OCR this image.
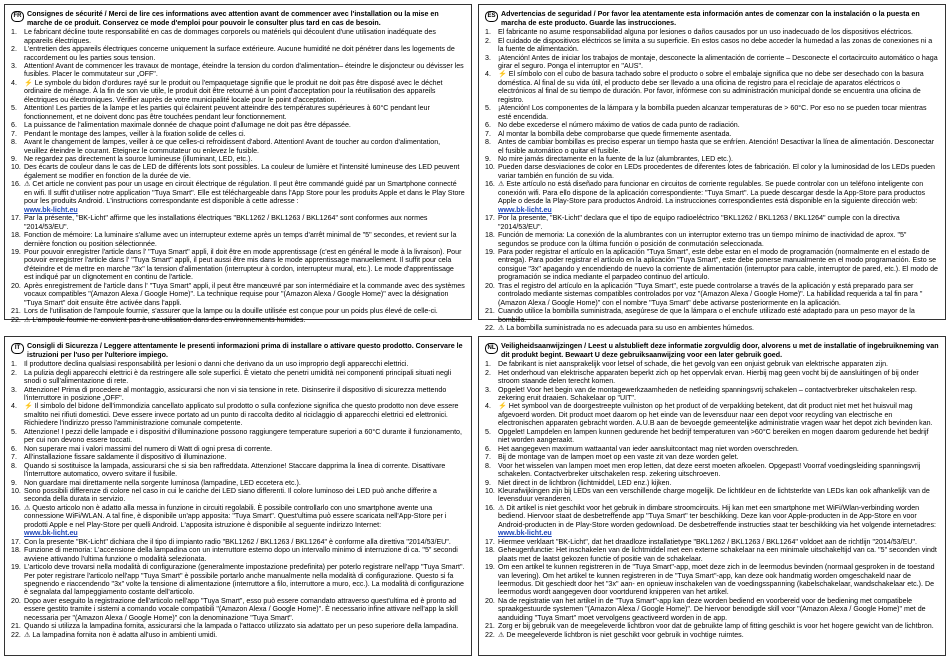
FR Consignes de sécurité / Merci de lire ces informations avec attention avant de commencer avec l'installation ou la mise en marche de ce produit. Conservez ce mode d'emploi pour pouvoir le consulter plus tard en cas de besoin.
1. Le fabricant décline toute responsabilité en cas de dommages corporels ou matériels qui découlent d'une utilisation inadéquate des appareils électriques.
2. L'entretien des appareils électriques concerne uniquement la surface extérieure. Aucune humidité ne doit pénétrer dans les logements de raccordement ou les parties sous tension.
3. Attention! Avant de commencer les travaux de montage, éteindre la tension du cordon d'alimentation– éteindre le disjoncteur ou dévisser les fusibles. Placer le commutateur sur „OFF".
4. ⚡ Le symbole du bidon d'ordures rayé sur le produit ou l'empaquetage signifie que le produit ne doit pas être disposé avec le déchet ordinaire de ménage. À la fin de son vie utile, le produit doit être retourné à un point d'acceptation pour la réutilisation des appareils électriques ou électroniques. Vérifier auprès de votre municipalité locale pour le point d'acceptation.
5. Attention! Les parties de la lampe et les parties qui éclairent peuvent atteindre des températures supérieures à 60°C pendant leur fonctionnement, et ne doivent donc pas être touchées pendant leur fonctionnement.
6. La puissance de l'alimentation maximale donnée de chaque point d'allumage ne doit pas être dépassée.
7. Pendant le montage des lampes, veiller à la fixation solide de celles ci.
8. Avant le changement de lampes, veiller à ce que celles-ci refroidissent d'abord. Attention! Avant de toucher au cordon d'alimentation, veuillez éteindre le courant. Eteignez le commutateur ou enlevez le fusible.
9. Ne regardez pas directement la source lumineuse (illuminant, LED, etc.).
10. Des écarts de couleur dans le cas de LED de différents lots sont possibles. La couleur de lumière et l'intensité lumineuse des LED peuvent également se modifier en fonction de la durée de vie.
16. ⚠ Cet article ne convient pas pour un usage en circuit électrique de régulation. Il peut être commandé guidé par un Smartphone connecté en wifi. Il suffit d'utiliser notre application "Tuya Smart". Elle est téléchargeable dans l'App Store pour les produits Apple et dans le Play Store pour les produits Android. L'instructions correspondante est disponible à cette adresse :
www.bk-licht.eu
17. Par la présente, "BK-Licht" affirme que les installations électriques "BKL1262 / BKL1263 / BKL1264" sont conformes aux normes "2014/53/EU".
18. Fonction de mémoire: La luminaire s'allume avec un interrupteur externe après un temps d'arrêt minimal de "5" secondes, et revient sur la dernière fonction ou position sélectionnée.
19. Pour pouvoir enregistrer l'article dans l' "Tuya Smart" appli, il doit être en mode apprentissage (c'est en général le mode à la livraison). Pour pouvoir enregistrer l'article dans l' "Tuya Smart" appli, il peut aussi être mis dans le mode apprentissage manuellement. Il suffit pour cela d'éteindre et de mettre en marche "3x" la tension d'alimentation (interrupteur à cordon, interrupteur mural, etc.). Le mode d'apprentissage est indiqué par un clignotement en continu de l'article.
20. Après enregistrement de l'article dans l' "Tuya Smart" appli, il peut être manœuvré par son intermédiaire et la commande avec des systèmes vocaux compatibles "(Amazon Alexa / Google Home)". La technique requise pour "(Amazon Alexa / Google Home)" avec la désignation "Tuya Smart" doit ensuite être activée dans l'appli.
21. Lors de l'utilisation de l'ampoule fournie, s'assurer que la lampe ou la douille utilisée est conçue pour un poids plus élevé de celle-ci.
22. ⚠ L'ampoule fournie ne convient pas à une utilisation dans des environnements humides.
ES Advertencias de seguridad / Por favor lea atentamente esta información antes de comenzar con la instalación o la puesta en marcha de este producto. Guarde las instrucciones.
1. El fabricante no asume responsabilidad alguna por lesiones o daños causados por un uso inadecuado de los dispositivos eléctricos.
2. El cuidado de dispositivos eléctricos se limita a su superficie. En estos casos no debe acceder la humedad a las zonas de conexiones ni a la fuente de alimentación.
3. ¡Atención! Antes de iniciar los trabajos de montaje, desconecte la alimentación de corriente – Desconecte el cortacircuito automático o haga girar el seguro. Ponga el interruptor en "AUS".
4. ⚡ El símbolo con el cubo de basura tachado sobre el producto o sobre el embalaje significa que no debe ser desechado con la basura doméstica. Al final de su vida útil, el producto debe ser llevado a una oficina de registro para el reciclaje de aparatos eléctricos o electrónicos al final de su tiempo de duración. Por favor, infórmese con su administración municipal donde se encuentra una oficina de registro.
5. ¡Atención! Los componentes de la lámpara y la bombilla pueden alcanzar temperaturas de > 60°C. Por eso no se pueden tocar mientras esté encendida.
6. No debe excederse el número máximo de vatios de cada punto de radiación.
7. Al montar la bombilla debe comprobarse que quede firmemente asentada.
8. Antes de cambiar bombillas es preciso esperar un tiempo hasta que se enfríen. Atención! Desactivar la línea de alimentación. Desconectar el fusible automático o quitar el fusible.
9. No mire jamás directamente en la fuente de la luz (alumbrantes, LED etc.).
10. Pueden darse desviaciones de color en LEDs procedentes de diferentes lotes de fabricación. El color y la luminosidad de los LEDs pueden variar también en función de su vida.
16. ⚠ Este artículo no está diseñado para funcionar en circuitos de corriente regulables. Se puede controlar con un teléfono inteligente con conexión wifi. Para ello dispone de la aplicación correspondiente: "Tuya Smart". La puede descargar desde la App-Store para productos Apple o desde la Play-Store para productos Android. La instrucciones correspondientes está disponible en la siguiente dirección web:
www.bk-licht.eu
17. Por la presente, "BK-Licht" declara que el tipo de equipo radioeléctrico "BKL1262 / BKL1263 / BKL1264" cumple con la directiva "2014/53/EU".
18. Función de memoria: La conexión de la alumbrantes con un interruptor externo tras un tiempo mínimo de inactividad de aprox. "5" segundos se produce con la última función o posición de conmutación seleccionada.
19. Para poder registrar el artículo en la aplicación "Tuya Smart", este debe estar en el modo de programación (normalmente en el estado de entrega). Para poder registrar el artículo en la aplicación "Tuya Smart", este debe ponerse manualmente en el modo programación. Esto se consigue "3x" apagando y encendiendo de nuevo la corriente de alimentación (interruptor para cable, interruptor de pared, etc.). El modo de programación se indica mediante el parpadeo continuo del artículo.
20. Tras el registro del artículo en la aplicación "Tuya Smart", este puede controlarse a través de la aplicación y está preparado para ser controlado mediante sistemas compatibles controlados por voz "(Amazon Alexa / Google Home)". La habilidad requerida a tal fin para "(Amazon Alexa / Google Home)" con el nombre "Tuya Smart" debe activarse posteriormente en la aplicación.
21. Cuando utilice la bombilla suministrada, asegúrese de que la lámpara o el enchufe utilizado esté adaptado para un peso mayor de la bombilla.
22. ⚠ La bombilla suministrada no es adecuada para su uso en ambientes húmedos.
IT Consigli di Sicurezza / Leggere attentamente le presenti informazioni prima di installare o attivare questo prodotto. Conservare le istruzioni per l'uso per l'ulteriore impiego.
1. Il produttore declina qualsiasi responsabilità per lesioni o danni che derivano da un uso improprio degli apparecchi elettrici.
2. La pulizia degli apparecchi elettrici è da restringere alle sole superfici. È vietato che penetri umidità nei componenti principali situati negli snodi o sull'alimentazione di rete.
3. Attenzione! Prima di procedere al montaggio, assicurarsi che non vi sia tensione in rete. Disinserire il dispositivo di sicurezza mettendo l'interruttore in posizione „OFF".
4. ⚡ Il simbolo del bidone dell'immondizia cancellato applicato sul prodotto o sulla confezione significa che questo prodotto non deve essere smaltito nei rifiuti domestici. Deve essere invece portato ad un punto di raccolta dedito al riciclaggio di apparecchi elettrici ed elettronici. Richiedere l'indirizzo presso l'amministrazione comunale competente.
5. Attenzione! I pezzi delle lampade e i dispositivi d'illuminazione possono raggiungere temperature superiori a 60°C durante il funzionamento, per cui non devono essere toccati.
6. Non superare mai i valori massimi del numero di Watt di ogni presa di corrente.
7. All'installazione fissare saldamente il dispositivo di illuminazione.
8. Quando si sostituisce la lampada, assicurarsi che si sia ben raffreddata. Attenzione! Staccare dapprima la linea di corrente. Disattivare l'interruttore automatico, ovvero svitare il fusibile.
9. Non guardare mai direttamente nella sorgente luminosa (lampadine, LED eccetera etc.).
10. Sono possibili differenze di colore nel caso in cui le cariche dei LED siano differenti. Il colore luminoso dei LED può anche differire a seconda della durata in servizio.
16. ⚠ Questo articolo non è adatto alla messa in funzione in circuiti regolabili. È possibile controllarlo con uno smartphone avente una connessione WiFi/WLAN. A tal fine, è disponibile un'app apposita: "Tuya Smart". Quest'ultima può essere scaricata nell'App-Store per i prodotti Apple e nel Play-Store per quelli Android. L'apposita istruzione è disponibile al seguente indirizzo Internet:
www.bk-licht.eu
17. Con la presente "BK-Licht" dichiara che il tipo di impianto radio "BKL1262 / BKL1263 / BKL1264" è conforme alla direttiva "2014/53/EU".
18. Funzione di memoria: L'accensione della lampadina con un interruttore esterno dopo un intervallo minimo di interruzione di ca. "5" secondi avviene attivando l'ultima funzione o modalità selezionata.
19. L'articolo deve trovarsi nella modalità di configurazione (generalmente impostazione predefinita) per poterlo registrare nell'app "Tuya Smart". Per poter registrare l'articolo nell'app "Tuya Smart" è possibile portarlo anche manualmente nella modalità di configurazione. Questo si fa spegnendo e riaccendendo "3x" volte la tensione di alimentazione (interruttore a filo, interruttore a muro, ecc.). La modalità di configurazione è segnalata dal lampeggiamento costante dell'articolo.
20. Dopo aver eseguito la registrazione dell'articolo nell'app "Tuya Smart", esso può essere comandato attraverso quest'ultima ed è pronto ad essere gestito tramite i sistemi a comando vocale compatibili "(Amazon Alexa / Google Home)". È necessario infine attivare nell'app la skill necessaria per "(Amazon Alexa / Google Home)" con la denominazione "Tuya Smart".
21. Quando si utilizza la lampadina fornita, assicurarsi che la lampada o l'attacco utilizzato sia adattato per un peso superiore della lampadina.
22. ⚠ La lampadina fornita non è adatta all'uso in ambienti umidi.
NL Veiligheidsaanwijzingen / Leest u alstublieft deze informatie zorgvuldig door, alvorens u met de installatie of ingebruikneming van dit produkt begint. Bewaart U deze gebruiksaanwijzing voor een later gebruik goed.
1. De fabrikant is niet aansprakelijk voor letsel of schade, die het gevolg van een onjuist gebruik van elektrische apparaten zijn.
2. Het onderhoud van elektrische apparaten beperkt zich op het oppervlak ervan. Hierbij mag geen vocht bij de aansluitingen of bij onder stroom staande delen terecht komen.
3. Opgelet! Voor het begin van de montagewerkzaamheden de netleiding spanningsvrij schakelen – contactverbreker uitschakelen resp. zekering eruit draaien. Schakelaar op "UIT".
4. ⚡ Het symbool van de doorgestreepte vuilniston op het product of de verpakking betekent, dat dit product niet met het huisvuil mag afgevoerd worden. Dit product moet daarom op het einde van de levensduur naar een depot voor recycling van electrische en electronischen apparaten gebracht worden. A.U.B aan de bevoegde gemeentelijke administratie vragen waar het depot zich bevinden kan.
5. Opgelet! Lampdelen en lampen kunnen gedurende het bedrijf temperaturen van >60°C bereiken en mogen daarom gedurende het bedrijf niet worden aangeraakt.
6. Het aangegeven maximum wattaantal van ieder aansluitcontact mag niet worden overschreden.
7. Bij de montage van de lampen moet op een vaste zit van deze worden gelet.
8. Voor het wisselen van lampen moet men erop letten, dat deze eerst moeten afkoelen. Opgepast! Voorraf voedingsleiding spanningsvrij schakelen. Contactverbreker uitschakelen resp. zekering uitschroeven.
9. Niet direct in de lichtbron (lichtmiddel, LED enz.) kijken.
10. Kleurafwijkingen zijn bij LEDs van een verschillende charge mogelijk. De lichtkleur en de lichtsterkte van LEDs kan ook afhankelijk van de levensduur veranderen.
16. ⚠ Dit artikel is niet geschikt voor het gebruik in dimbare stroomcircuits. Hij kan met een smartphone met WiFi/Wlan-verbinding worden bediend. Hiervoor staat de desbetreffende app "Tuya Smart" ter beschikking. Deze kan voor Apple-producten in de App-Store en voor Android-producten in de Play-Store worden gedownload. De desbetreffende instructies staat ter beschikking via het volgende internetadres:
www.bk-licht.eu
17. Hiermee verklaart "BK-Licht", dat het draadloze installatietype "BKL1262 / BKL1263 / BKL1264" voldoet aan de richtlijn "2014/53/EU".
18. Geheugenfunctie: Het inschakelen van de lichtmiddel met een externe schakelaar na een minimale uitschakeltijd van ca. "5" seconden vindt plaats met de laatst gekozen functie of positie van de schakelaar.
19. Om een artikel te kunnen registreren in de "Tuya Smart"-app, moet deze zich in de leermodus bevinden (normaal gesproken in de toestand van levering). Om het artikel te kunnen registreren in de "Tuya Smart"-app, kan deze ook handmatig worden omgeschakeld naar de leermodus. Dit geschiedt door het "3x" aan- en opnieuw inschakelen van de voedingsspanning (kabelschakelaar, wandschakelaar etc.). De leermodus wordt aangegeven door voortdurend knipperen van het artikel.
20. Na de registratie van het artikel in de "Tuya Smart"-app kan deze worden bediend en voorbereid voor de bediening met compatibele spraakgestuurde systemen "(Amazon Alexa / Google Home)". De hiervoor benodigde skill voor "(Amazon Alexa / Google Home)" met de aanduiding "Tuya Smart" moet vervolgens geactiveerd worden in de app.
21. Zorg er bij gebruik van de meegeleverde lichtbron voor dat de gebruikte lamp of fitting geschikt is voor het hogere gewicht van de lichtbron.
22. ⚠ De meegeleverde lichtbron is niet geschikt voor gebruik in vochtige ruimtes.
